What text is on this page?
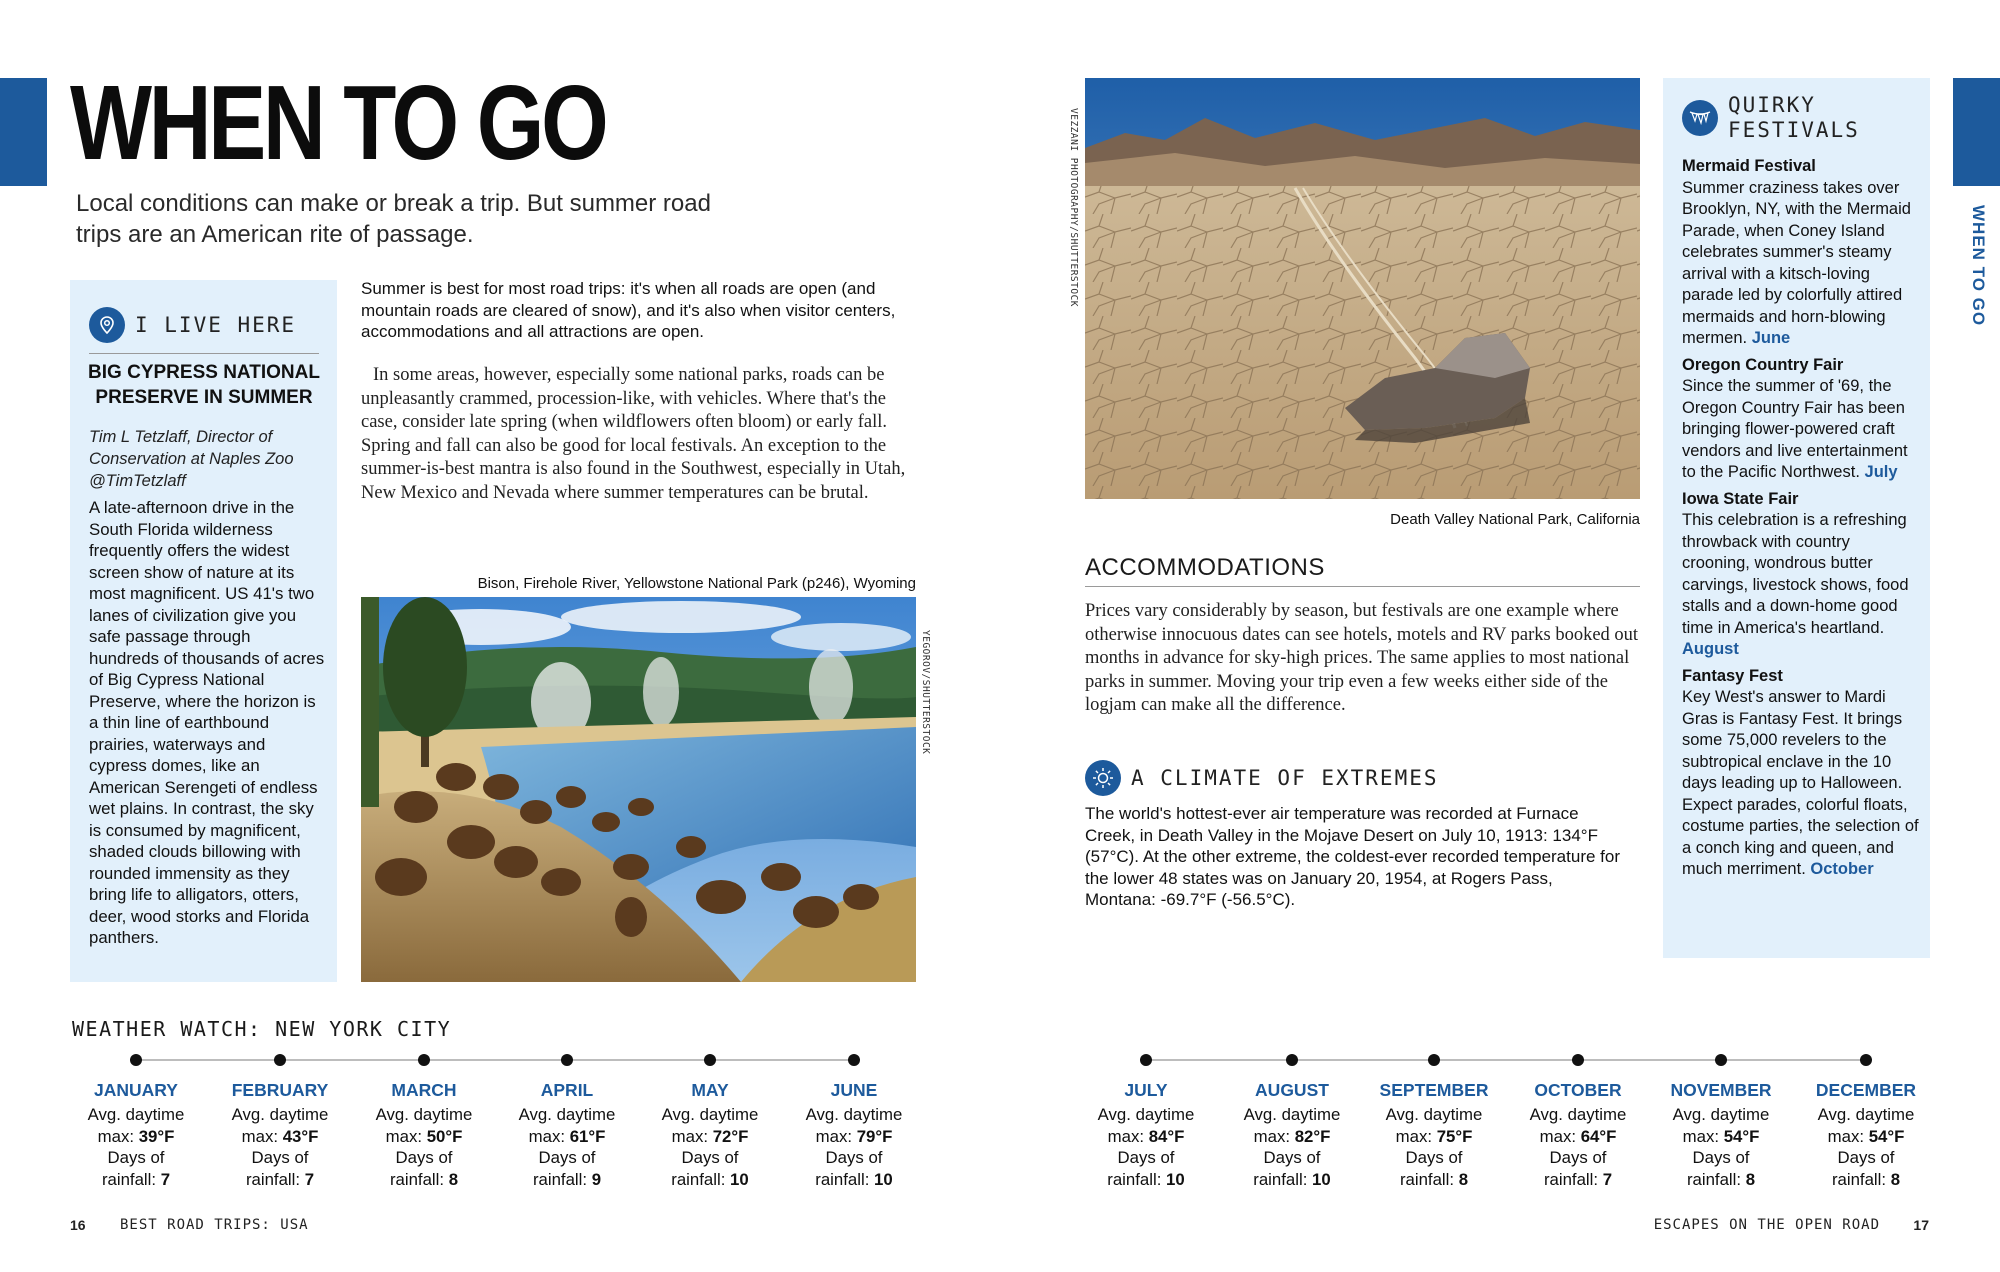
WHEN TO GO
Local conditions can make or break a trip. But summer road trips are an American rite of passage.
I LIVE HERE
BIG CYPRESS NATIONAL PRESERVE IN SUMMER
Tim L Tetzlaff, Director of Conservation at Naples Zoo @TimTetzlaff
A late-afternoon drive in the South Florida wilderness frequently offers the widest screen show of nature at its most magnificent. US 41's two lanes of civilization give you safe passage through hundreds of thousands of acres of Big Cypress National Preserve, where the horizon is a thin line of earthbound prairies, waterways and cypress domes, like an American Serengeti of endless wet plains. In contrast, the sky is consumed by magnificent, shaded clouds billowing with rounded immensity as they bring life to alligators, otters, deer, wood storks and Florida panthers.
Summer is best for most road trips: it's when all roads are open (and mountain roads are cleared of snow), and it's also when visitor centers, accommodations and all attractions are open.
In some areas, however, especially some national parks, roads can be unpleasantly crammed, procession-like, with vehicles. Where that's the case, consider late spring (when wildflowers often bloom) or early fall. Spring and fall can also be good for local festivals. An exception to the summer-is-best mantra is also found in the Southwest, especially in Utah, New Mexico and Nevada where summer temperatures can be brutal.
Bison, Firehole River, Yellowstone National Park (p246), Wyoming
YEGOROV/SHUTTERSTOCK
VEZZANI PHOTOGRAPHY/SHUTTERSTOCK
Death Valley National Park, California
ACCOMMODATIONS
Prices vary considerably by season, but festivals are one example where otherwise innocuous dates can see hotels, motels and RV parks booked out months in advance for sky-high prices. The same applies to most national parks in summer. Moving your trip even a few weeks either side of the logjam can make all the difference.
A CLIMATE OF EXTREMES
The world's hottest-ever air temperature was recorded at Furnace Creek, in Death Valley in the Mojave Desert on July 10, 1913: 134°F (57°C). At the other extreme, the coldest-ever recorded temperature for the lower 48 states was on January 20, 1954, at Rogers Pass, Montana: -69.7°F (-56.5°C).
QUIRKY
FESTIVALS
Mermaid Festival
Summer craziness takes over Brooklyn, NY, with the Mermaid Parade, when Coney Island celebrates summer's steamy arrival with a kitsch-loving parade led by colorfully attired mermaids and horn-blowing mermen. June
Oregon Country Fair
Since the summer of '69, the Oregon Country Fair has been bringing flower-powered craft vendors and live entertainment to the Pacific Northwest. July
Iowa State Fair
This celebration is a refreshing throwback with country crooning, wondrous butter carvings, livestock shows, food stalls and a down-home good time in America's heartland. August
Fantasy Fest
Key West's answer to Mardi Gras is Fantasy Fest. It brings some 75,000 revelers to the subtropical enclave in the 10 days leading up to Halloween. Expect parades, colorful floats, costume parties, the selection of a conch king and queen, and much merriment. October
WHEN TO GO
WEATHER WATCH: NEW YORK CITY
JANUARY
Avg. daytime
max: 39°F
Days of
rainfall: 7
FEBRUARY
Avg. daytime
max: 43°F
Days of
rainfall: 7
MARCH
Avg. daytime
max: 50°F
Days of
rainfall: 8
APRIL
Avg. daytime
max: 61°F
Days of
rainfall: 9
MAY
Avg. daytime
max: 72°F
Days of
rainfall: 10
JUNE
Avg. daytime
max: 79°F
Days of
rainfall: 10
JULY
Avg. daytime
max: 84°F
Days of
rainfall: 10
AUGUST
Avg. daytime
max: 82°F
Days of
rainfall: 10
SEPTEMBER
Avg. daytime
max: 75°F
Days of
rainfall: 8
OCTOBER
Avg. daytime
max: 64°F
Days of
rainfall: 7
NOVEMBER
Avg. daytime
max: 54°F
Days of
rainfall: 8
DECEMBER
Avg. daytime
max: 54°F
Days of
rainfall: 8
16 BEST ROAD TRIPS: USA	ESCAPES ON THE OPEN ROAD 17
